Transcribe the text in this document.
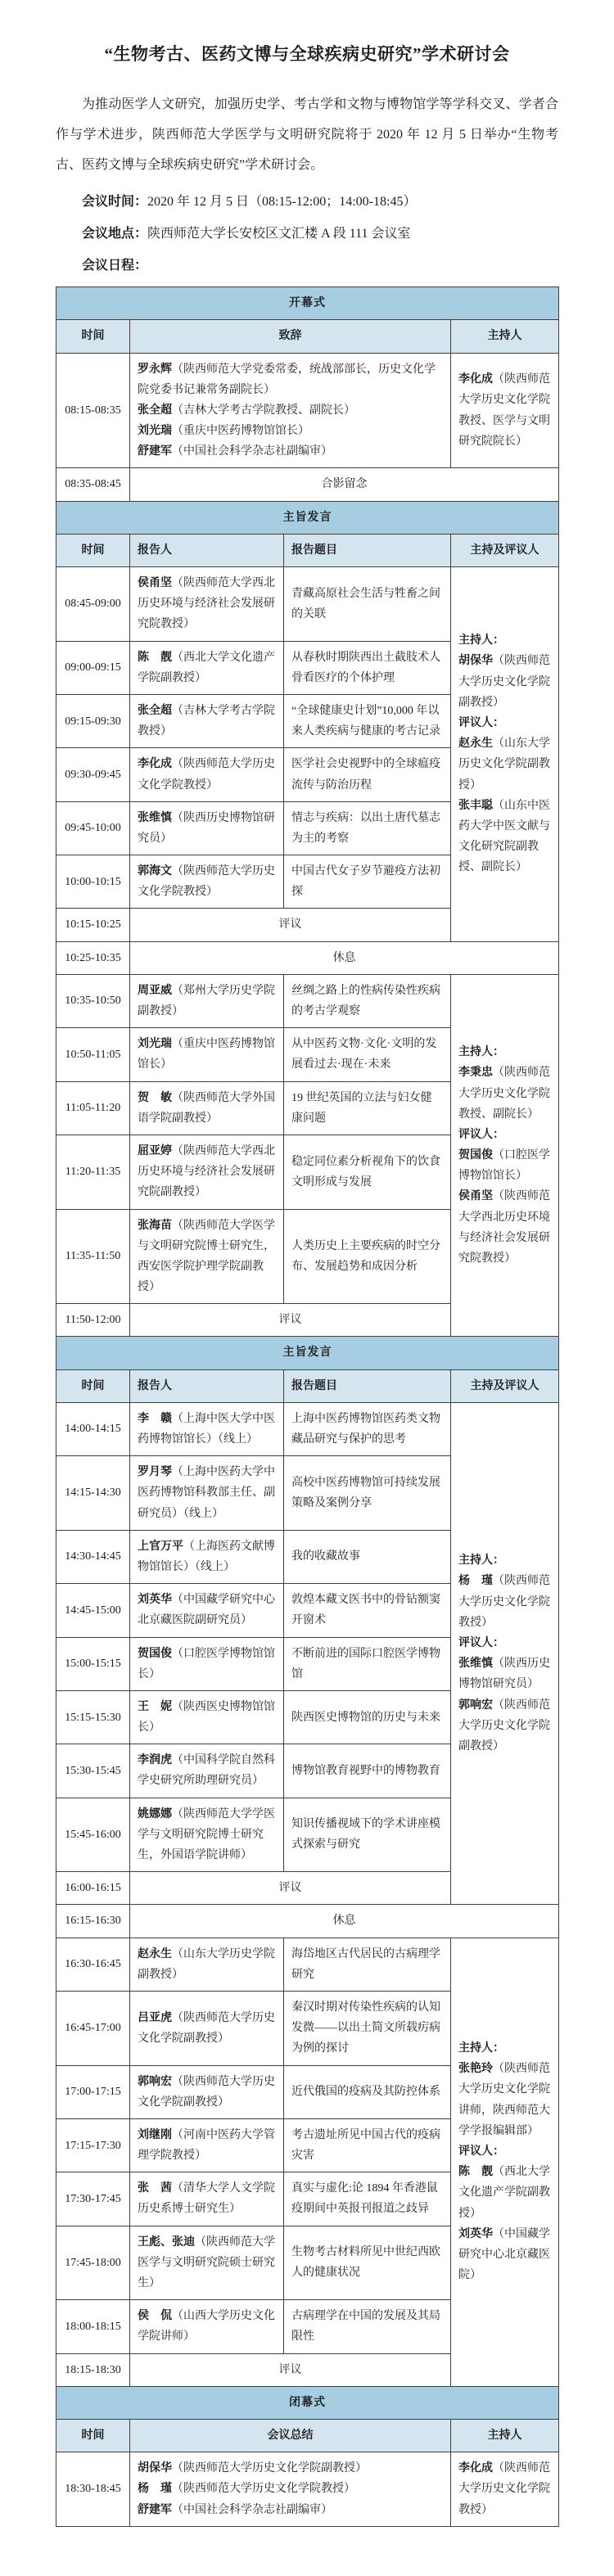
“生物考古、医药文博与全球疾病史研究”学术研讨会

为推动医学人文研究，加强历史学、考古学和文物与博物馆学等学科交叉、学者合作与学术进步，陕西师范大学医学与文明研究院将于 2020 年 12 月 5 日举办“生物考古、医药文博与全球疾病史研究”学术研讨会。

会议时间：2020 年 12 月 5 日（08:15-12:00；14:00-18:45）

会议地点：陕西师范大学长安校区文汇楼 A 段 111 会议室

会议日程：

开幕式			
时间	致辞		主持人
08:15-08:35	罗永辉（陕西师范大学党委常委，统战部部长，历史文化学院党委书记兼常务副院长）
张全超（吉林大学考古学院教授、副院长）
刘光瑞（重庆中医药博物馆馆长）
舒建军（中国社会科学杂志社副编审）		李化成（陕西师范大学历史文化学院教授、医学与文明研究院院长）
08:35-08:45	合影留念		
主旨发言			
时间	报告人	报告题目	主持及评议人
08:45-09:00	侯甬坚（陕西师范大学西北历史环境与经济社会发展研究院教授）	青藏高原社会生活与牲畜之间的关联	主持人：
胡保华（陕西师范大学历史文化学院副教授）
评议人：
赵永生（山东大学历史文化学院副教授）
张丰聪（山东中医药大学中医文献与文化研究院副教授、副院长）
09:00-09:15	陈　靓（西北大学文化遗产学院副教授）	从春秋时期陕西出土截肢术人骨看医疗的个体护理	
09:15-09:30	张全超（吉林大学考古学院教授）	“全球健康史计划”10,000 年以来人类疾病与健康的考古记录	
09:30-09:45	李化成（陕西师范大学历史文化学院教授）	医学社会史视野中的全球瘟疫流传与防治历程	
09:45-10:00	张维慎（陕西历史博物馆研究员）	情志与疾病：以出土唐代墓志为主的考察	
10:00-10:15	郭海文（陕西师范大学历史文化学院教授）	中国古代女子岁节避疫方法初探	
10:15-10:25	评议		
10:25-10:35	休息		
10:35-10:50	周亚威（郑州大学历史学院副教授）	丝绸之路上的性病传染性疾病的考古学观察	主持人：
李秉忠（陕西师范大学历史文化学院教授、副院长）
评议人：
贺国俊（口腔医学博物馆馆长）
侯甬坚（陕西师范大学西北历史环境与经济社会发展研究院教授）
10:50-11:05	刘光瑞（重庆中医药博物馆馆长）	从中医药文物·文化·文明的发展看过去·现在·未来	
11:05-11:20	贺　敏（陕西师范大学外国语学院副教授）	19 世纪英国的立法与妇女健康问题	
11:20-11:35	屈亚婷（陕西师范大学西北历史环境与经济社会发展研究院副教授）	稳定同位素分析视角下的饮食文明形成与发展	
11:35-11:50	张海苗（陕西师范大学医学与文明研究院博士研究生，西安医学院护理学院副教授）	人类历史上主要疾病的时空分布、发展趋势和成因分析	
11:50-12:00	评议		
主旨发言			
时间	报告人	报告题目	主持及评议人
14:00-14:15	李　赣（上海中医大学中医药博物馆馆长）（线上）	上海中医药博物馆医药类文物藏品研究与保护的思考	主持人：
杨　瑾（陕西师范大学历史文化学院教授）
评议人：
张维慎（陕西历史博物馆研究员）
郭响宏（陕西师范大学历史文化学院副教授）
14:15-14:30	罗月琴（上海中医药大学中医药博物馆科教部主任、副研究员）（线上）	高校中医药博物馆可持续发展策略及案例分享	
14:30-14:45	上官万平（上海医药文献博物馆馆长）（线上）	我的收藏故事	
14:45-15:00	刘英华（中国藏学研究中心北京藏医院副研究员）	敦煌本藏文医书中的骨钻额窦开窗术	
15:00-15:15	贺国俊（口腔医学博物馆馆长）	不断前进的国际口腔医学博物馆	
15:15-15:30	王　妮（陕西医史博物馆馆长）	陕西医史博物馆的历史与未来	
15:30-15:45	李润虎（中国科学院自然科学史研究所助理研究员）	博物馆教育视野中的博物教育	
15:45-16:00	姚娜娜（陕西师范大学学医学与文明研究院博士研究生，外国语学院讲师）	知识传播视域下的学术讲座模式探索与研究	
16:00-16:15	评议		
16:15-16:30	休息		
16:30-16:45	赵永生（山东大学历史学院副教授）	海岱地区古代居民的古病理学研究	主持人：
张艳玲（陕西师范大学历史文化学院讲师，陕西师范大学学报编辑部）
评议人：
陈　靓（西北大学文化遗产学院副教授）
刘英华（中国藏学研究中心北京藏医院）
16:45-17:00	吕亚虎（陕西师范大学历史文化学院副教授）	秦汉时期对传染性疾病的认知发微——以出土简文所载疠病为例的探讨	
17:00-17:15	郭响宏（陕西师范大学历史文化学院副教授）	近代俄国的疫病及其防控体系	
17:15-17:30	刘继刚（河南中医药大学管理学院教授）	考古遗址所见中国古代的疫病灾害	
17:30-17:45	张　茜（清华大学人文学院历史系博士研究生）	真实与虚化:论 1894 年香港鼠疫期间中英报刊报道之歧异	
17:45-18:00	王彪、张迪（陕西师范大学医学与文明研究院硕士研究生）	生物考古材料所见中世纪西欧人的健康状况	
18:00-18:15	侯　侃（山西大学历史文化学院讲师）	古病理学在中国的发展及其局限性	
18:15-18:30	评议		
闭幕式			
时间	会议总结		主持人
18:30-18:45	胡保华（陕西师范大学历史文化学院副教授）
杨　瑾（陕西师范大学历史文化学院教授）
舒建军（中国社会科学杂志社副编审）		李化成（陕西师范大学历史文化学院教授）
